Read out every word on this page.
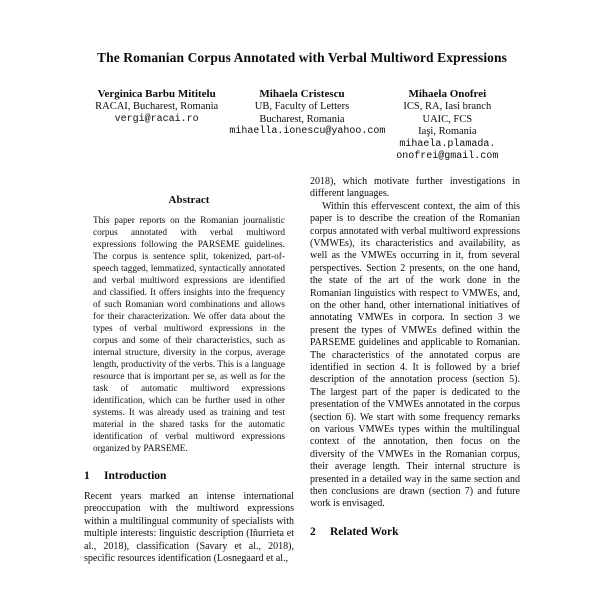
The Romanian Corpus Annotated with Verbal Multiword Expressions
Verginica Barbu Mititelu
RACAI, Bucharest, Romania
vergi@racai.ro
Mihaela Cristescu
UB, Faculty of Letters
Bucharest, Romania
mihaella.ionescu@yahoo.com
Mihaela Onofrei
ICS, RA, Iasi branch
UAIC, FCS
Iaşi, Romania
mihaela.plamada.
onofrei@gmail.com
Abstract

This paper reports on the Romanian journalistic corpus annotated with verbal multiword expressions following the PARSEME guidelines. The corpus is sentence split, tokenized, part-of-speech tagged, lemmatized, syntactically annotated and verbal multiword expressions are identified and classified. It offers insights into the frequency of such Romanian word combinations and allows for their characterization. We offer data about the types of verbal multiword expressions in the corpus and some of their characteristics, such as internal structure, diversity in the corpus, average length, productivity of the verbs. This is a language resource that is important per se, as well as for the task of automatic multiword expressions identification, which can be further used in other systems. It was already used as training and test material in the shared tasks for the automatic identification of verbal multiword expressions organized by PARSEME.

1 Introduction

Recent years marked an intense international preoccupation with the multiword expressions within a multilingual community of specialists with multiple interests: linguistic description (Iñurrieta et al., 2018), classification (Savary et al., 2018), specific resources identification (Losnegaard et al.,

2018), which motivate further investigations in different languages.

Within this effervescent context, the aim of this paper is to describe the creation of the Romanian corpus annotated with verbal multiword expressions (VMWEs), its characteristics and availability, as well as the VMWEs occurring in it, from several perspectives. Section 2 presents, on the one hand, the state of the art of the work done in the Romanian linguistics with respect to VMWEs, and, on the other hand, other international initiatives of annotating VMWEs in corpora. In section 3 we present the types of VMWEs defined within the PARSEME guidelines and applicable to Romanian. The characteristics of the annotated corpus are identified in section 4. It is followed by a brief description of the annotation process (section 5). The largest part of the paper is dedicated to the presentation of the VMWEs annotated in the corpus (section 6). We start with some frequency remarks on various VMWEs types within the multilingual context of the annotation, then focus on the diversity of the VMWEs in the Romanian corpus, their average length. Their internal structure is presented in a detailed way in the same section and then conclusions are drawn (section 7) and future work is envisaged.

2 Related Work
